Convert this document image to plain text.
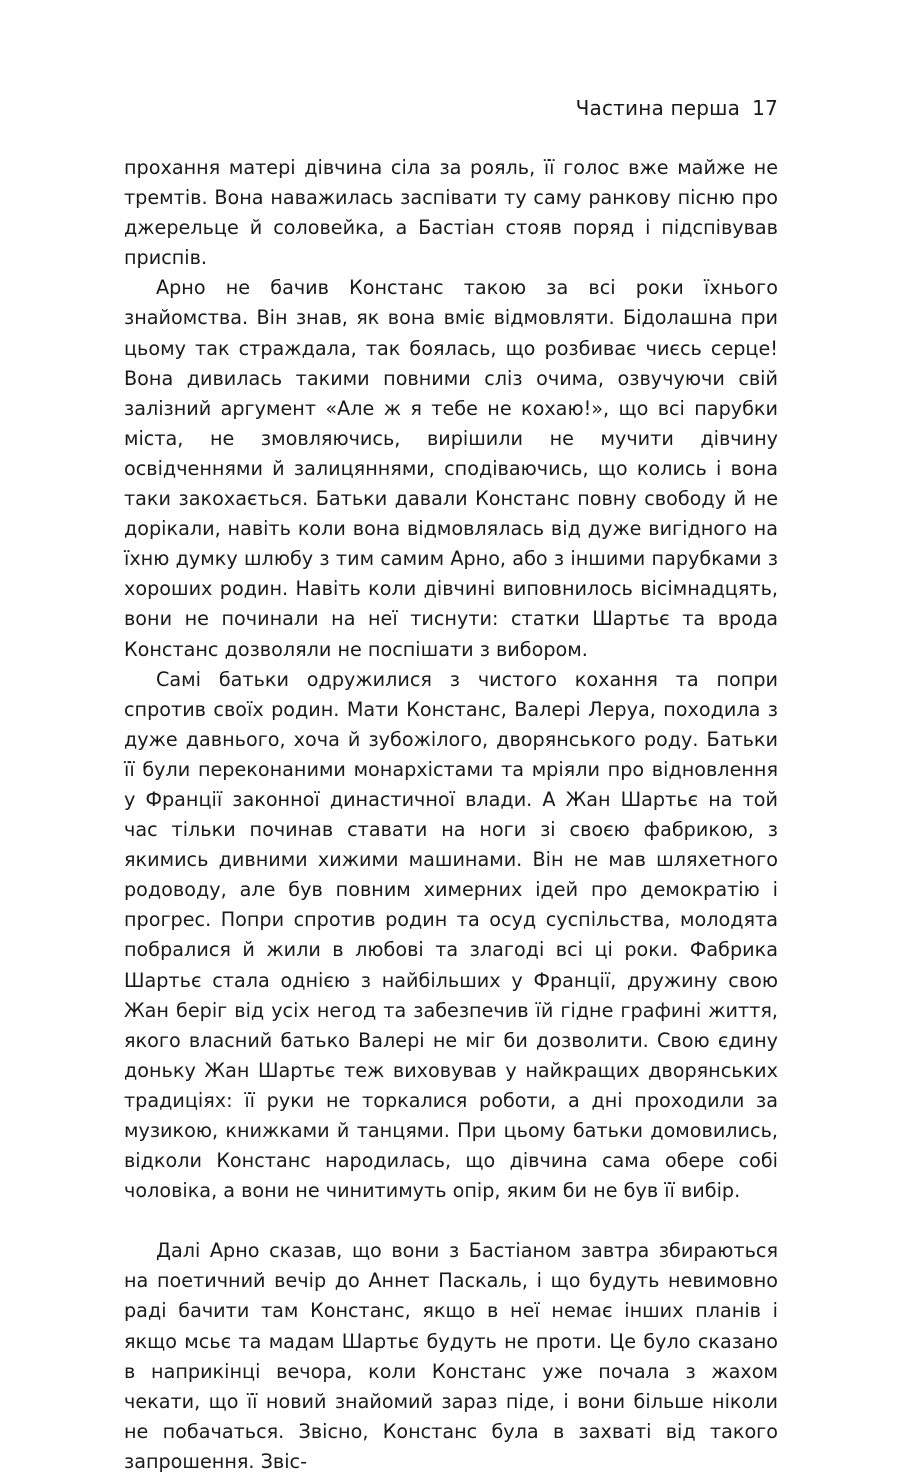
Частина перша 17

прохання матері дівчина сіла за рояль, її голос вже майже не тремтів. Вона наважилась заспівати ту саму ранкову пісню про джерельце й соловейка, а Бастіан стояв поряд і підспівував приспів.

Арно не бачив Констанс такою за всі роки їхнього знайомства. Він знав, як вона вміє відмовляти. Бідолашна при цьому так страждала, так боялась, що розбиває чиєсь серце! Вона дивилась такими повними сліз очима, озвучуючи свій залізний аргумент «Але ж я тебе не кохаю!», що всі парубки міста, не змовляючись, вирішили не мучити дівчину освідченнями й залицяннями, сподіваючись, що колись і вона таки закохається. Батьки давали Констанс повну свободу й не дорікали, навіть коли вона відмовлялась від дуже вигідного на їхню думку шлюбу з тим самим Арно, або з іншими парубками з хороших родин. Навіть коли дівчині виповнилось вісімнадцять, вони не починали на неї тиснути: статки Шартьє та врода Констанс дозволяли не поспішати з вибором.

Самі батьки одружилися з чистого кохання та попри спротив своїх родин. Мати Констанс, Валері Леруа, походила з дуже давнього, хоча й зубожілого, дворянського роду. Батьки її були переконаними монархістами та мріяли про відновлення у Франції законної династичної влади. А Жан Шартьє на той час тільки починав ставати на ноги зі своєю фабрикою, з якимись дивними хижими машинами. Він не мав шляхетного родоводу, але був повним химерних ідей про демократію і прогрес. Попри спротив родин та осуд суспільства, молодята побралися й жили в любові та злагоді всі ці роки. Фабрика Шартьє стала однією з найбільших у Франції, дружину свою Жан беріг від усіх негод та забезпечив їй гідне графині життя, якого власний батько Валері не міг би дозволити. Свою єдину доньку Жан Шартьє теж виховував у найкращих дворянських традиціях: її руки не торкалися роботи, а дні проходили за музикою, книжками й танцями. При цьому батьки домовились, відколи Констанс народилась, що дівчина сама обере собі чоловіка, а вони не чинитимуть опір, яким би не був її вибір.

Далі Арно сказав, що вони з Бастіаном завтра збираються на поетичний вечір до Аннет Паскаль, і що будуть невимовно раді бачити там Констанс, якщо в неї немає інших планів і якщо мсьє та мадам Шартьє будуть не проти. Це було сказано в наприкінці вечора, коли Констанс уже почала з жахом чекати, що її новий знайомий зараз піде, і вони більше ніколи не побачаться. Звісно, Констанс була в захваті від такого запрошення. Звіс-
